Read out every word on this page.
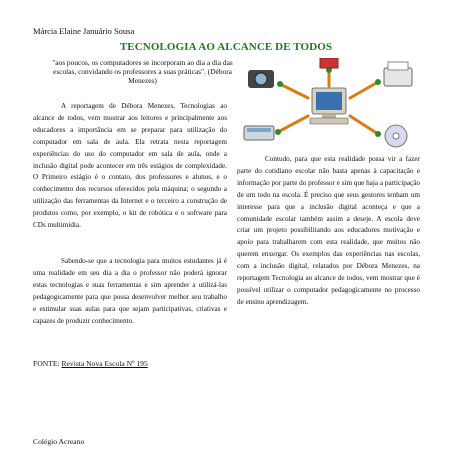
Márcia Elaine Januário Sousa
TECNOLOGIA AO ALCANCE DE TODOS
"aos poucos, os computadores se incorporam ao dia a dia das escolas, convidando os professores a suas práticas". (Débora Menezes)
A reportagem de Débora Menezes, Tecnologias ao alcance de todos, vem mostrar aos leitores e principalmente aos educadores a importância em se preparar para utilização do computador em sala de aula. Ela retrata nesta reportagem experiências do uso do computador em sala de aula, onde a inclusão digital pode acontecer em três estágios de complexidade. O Primeiro estágio é o contato, dos professores e alunos, e o conhecimento dos recursos oferecidos pela máquina; o segundo a utilização das ferramentas da Internet e o terceiro a construção de produtos como, por exemplo, o kit de robótica e o software para CDs multimídia.
Sabendo-se que a tecnologia para muitos estudantes já é uma realidade em seu dia a dia o professor não poderá ignorar estas tecnologias e suas ferramentas e sim aprender a utilizá-las pedagogicamente para que possa desenvolver melhor seu trabalho e estimular suas aulas para que sejam participativas, criativas e capazes de produzir conhecimento.
Contudo, para que esta realidade possa vir a fazer parte do cotidiano escolar não basta apenas à capacitação e informação por parte do professor e sim que haja a participação de um todo na escola. É preciso que seus gestores tenham um interesse para que a inclusão digital aconteça e que a comunidade escolar também assim a deseje. A escola deve criar um projeto possibilitando aos educadores motivação e apoio para trabalharem com esta realidade, que muitos não querem enxergar. Os exemplos das experiências nas escolas, com a inclusão digital, relatados por Débora Menezes, na reportagem Tecnologia ao alcance de todos, vem mostrar que é possível utilizar o computador pedagogicamente no processo de ensino aprendizagem.
FONTE: Revista Nova Escola Nº 195
Colégio Acreano
